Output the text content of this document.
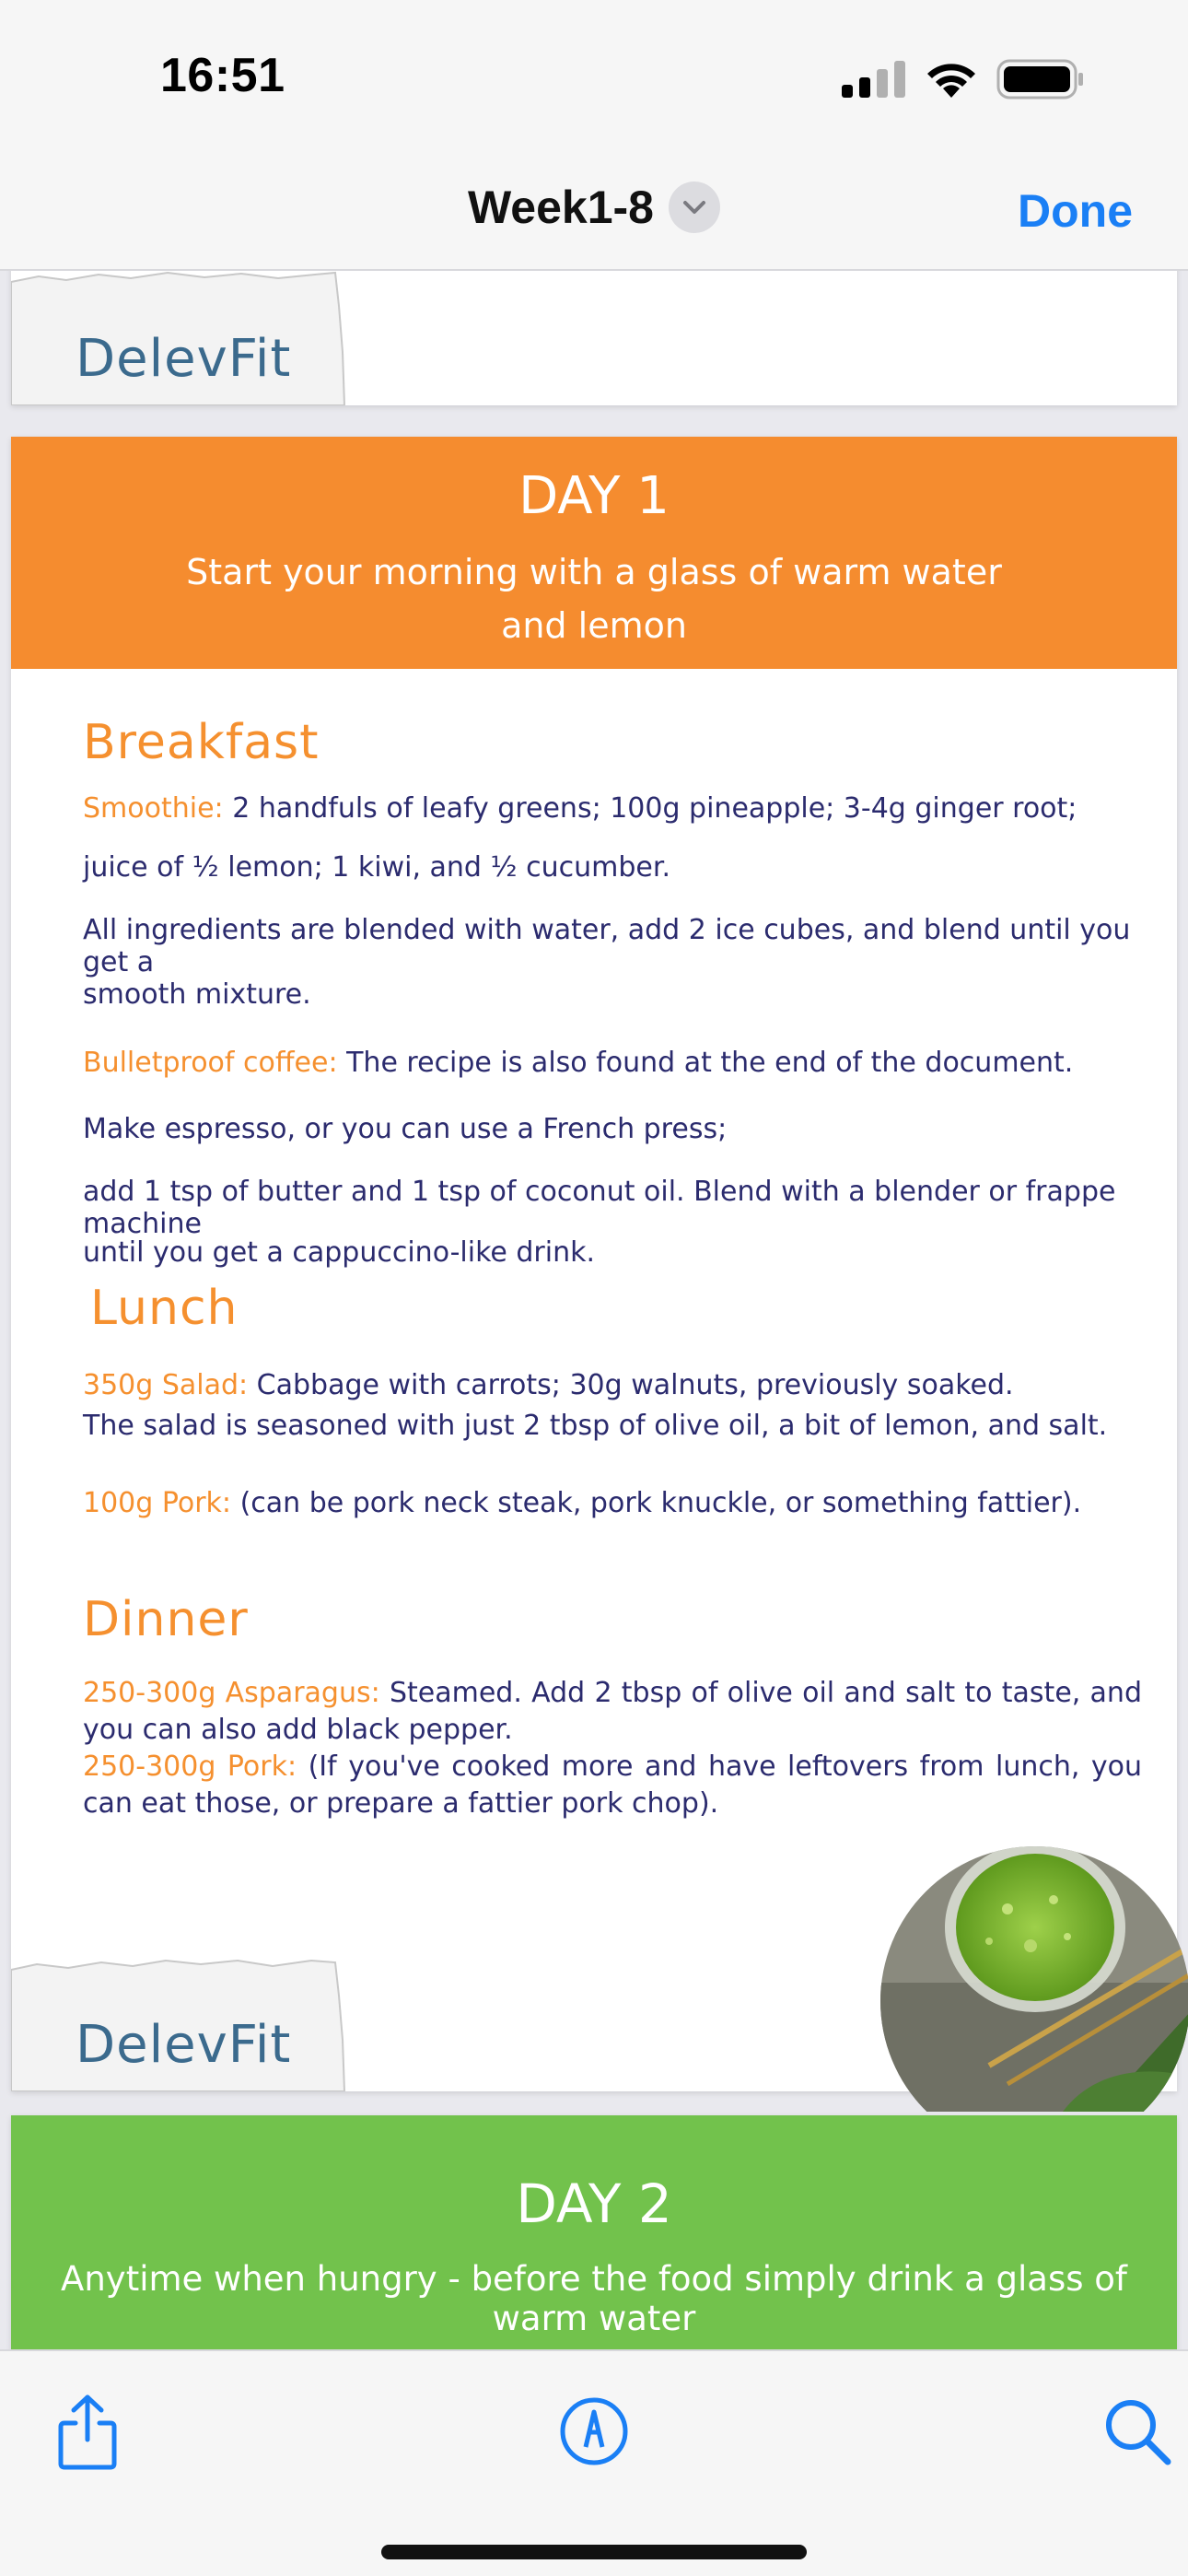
16:51
Week1-8	Done
DelevFit
DAY 1
Start your morning with a glass of warm water
and lemon
Breakfast
Smoothie: 2 handfuls of leafy greens; 100g pineapple; 3-4g ginger root;
juice of ½ lemon; 1 kiwi, and ½ cucumber.
All ingredients are blended with water, add 2 ice cubes, and blend until you get a
smooth mixture.
Bulletproof coffee: The recipe is also found at the end of the document.
Make espresso, or you can use a French press;
add 1 tsp of butter and 1 tsp of coconut oil. Blend with a blender or frappe machine
until you get a cappuccino-like drink.
Lunch
350g Salad: Cabbage with carrots; 30g walnuts, previously soaked.
The salad is seasoned with just 2 tbsp of olive oil, a bit of lemon, and salt.
100g Pork: (can be pork neck steak, pork knuckle, or something fattier).
Dinner
250-300g Asparagus: Steamed. Add 2 tbsp of olive oil and salt to taste, and you can also add black pepper.
250-300g Pork: (If you've cooked more and have leftovers from lunch, you can eat those, or prepare a fattier pork chop).
DelevFit
DAY 2
Anytime when hungry - before the food simply drink a glass of warm water
